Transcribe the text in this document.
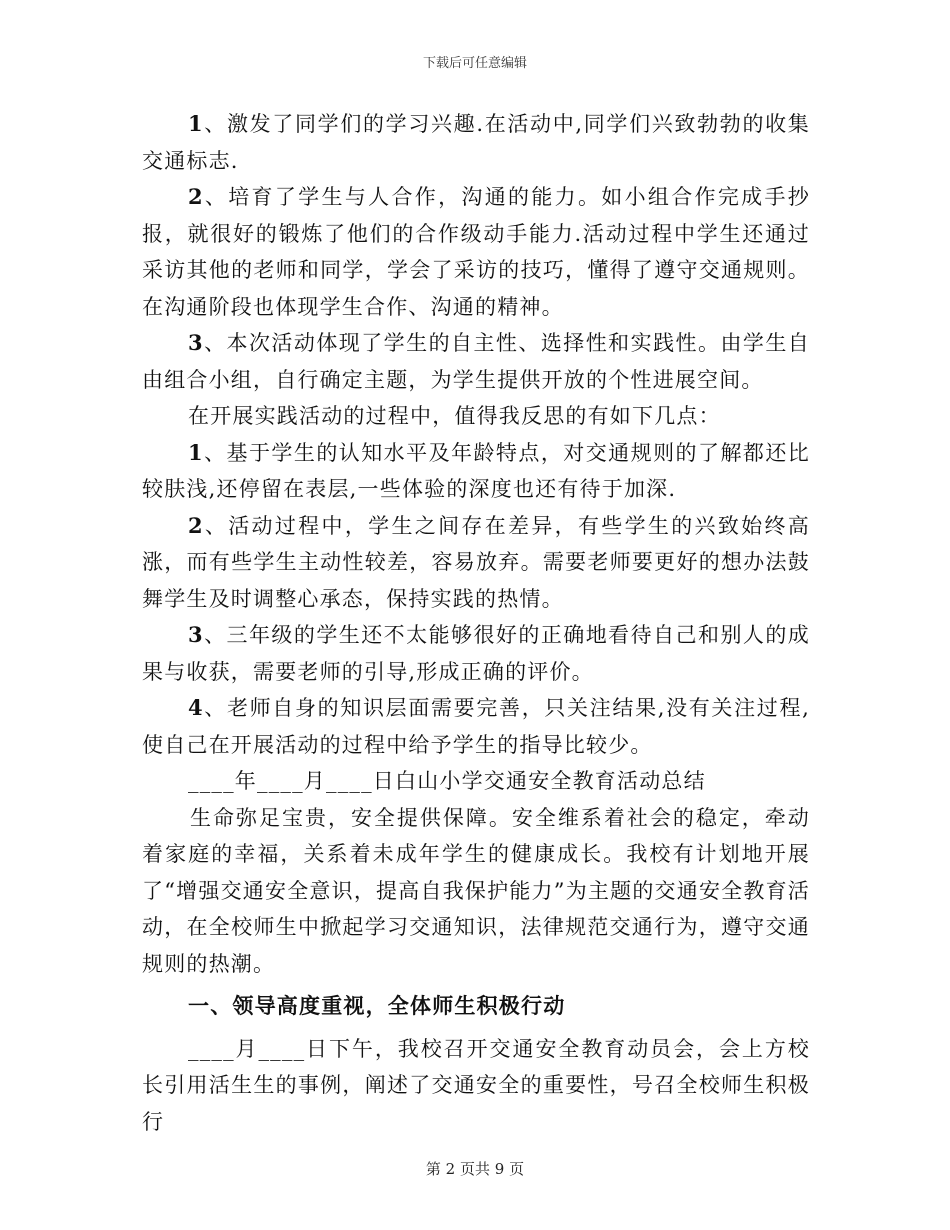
下载后可任意编辑

1、激发了同学们的学习兴趣.在活动中,同学们兴致勃勃的收集交通标志.

2、培育了学生与人合作，沟通的能力。如小组合作完成手抄报，就很好的锻炼了他们的合作级动手能力.活动过程中学生还通过采访其他的老师和同学，学会了采访的技巧，懂得了遵守交通规则。在沟通阶段也体现学生合作、沟通的精神。

3、本次活动体现了学生的自主性、选择性和实践性。由学生自由组合小组，自行确定主题，为学生提供开放的个性进展空间。

在开展实践活动的过程中，值得我反思的有如下几点：

1、基于学生的认知水平及年龄特点，对交通规则的了解都还比较肤浅,还停留在表层,一些体验的深度也还有待于加深.

2、活动过程中，学生之间存在差异，有些学生的兴致始终高涨，而有些学生主动性较差，容易放弃。需要老师要更好的想办法鼓舞学生及时调整心承态，保持实践的热情。

3、三年级的学生还不太能够很好的正确地看待自己和别人的成果与收获，需要老师的引导,形成正确的评价。

4、老师自身的知识层面需要完善，只关注结果,没有关注过程,使自己在开展活动的过程中给予学生的指导比较少。

____年____月____日白山小学交通安全教育活动总结

生命弥足宝贵，安全提供保障。安全维系着社会的稳定，牵动着家庭的幸福，关系着未成年学生的健康成长。我校有计划地开展了“增强交通安全意识，提高自我保护能力”为主题的交通安全教育活动，在全校师生中掀起学习交通知识，法律规范交通行为，遵守交通规则的热潮。

一、领导高度重视，全体师生积极行动

____月____日下午，我校召开交通安全教育动员会，会上方校长引用活生生的事例，阐述了交通安全的重要性，号召全校师生积极行

第 2 页共 9 页
